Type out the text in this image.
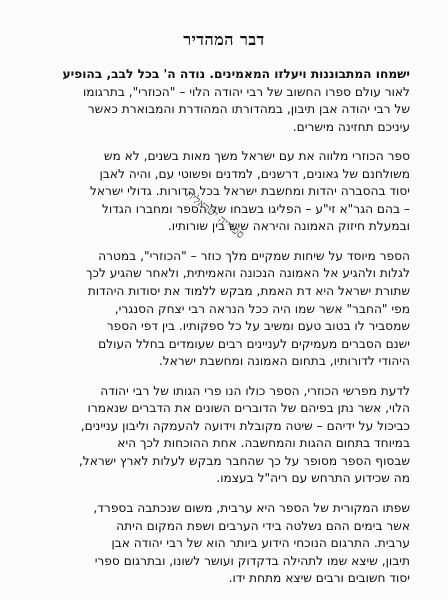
דבר המהדיר

ישמחו המתבוננות ויעלזו המאמינים. נודה ה' בכל לבב, בהופיע
לאור עולם ספרו החשוב של רבי יהודה הלוי – "הכוזרי", בתרגומו
של רבי יהודה אבן תיבון, במהדורתו המהודרת והמבוארת כאשר
עיניכם תחזינה מישרים.

ספר הכוזרי מלווה את עם ישראל משך מאות בשנים, לא מש
משולחנם של גאונים, דרשנים, למדנים ופשוטי עם, והיה לאבן
יסוד בהסברה יהדות ומחשבת ישראל בכל הדורות. גדולי ישראל
– בהם הגר"א זי"ע – הפליגו בשבחו של הספר ומחברו הגדול
ובמעלת חיזוק האמונה והיראה שיש בין שורותיו.

הספר מיוסד על שיחות שמקיים מלך כוזר – "הכוזרי", במטרה
לגלות ולהגיע אל האמונה הנכונה והאמיתית, ולאחר שהגיע לכך
שתורת ישראל היא דת האמת, מבקש ללמוד את יסודות היהדות
מפי "החבר" אשר שמו היה ככל הנראה רבי יצחק הסנגרי,
שמסביר לו בטוב טעם ומשיב על כל ספקותיו. בין דפי הספר
ישנם הסברים מעמיקים לעניינים רבים שעומדים בחלל העולם
היהודי לדורותיו, בתחום האמונה ומחשבת ישראל.

לדעת מפרשי הכוזרי, הספר כולו הנו פרי הגותו של רבי יהודה
הלוי, אשר נתן בפיהם של הדוברים השונים את הדברים שנאמרו
כביכול על ידיהם – שיטה מקובלת וידועה להעמקה וליבון עניינים,
במיוחד בתחום ההגות והמחשבה. אחת ההוכחות לכך היא
שבסוף הספר מסופר על כך שהחבר מבקש לעלות לארץ ישראל,
מה שכידוע התרחש עם ריה"ל בעצמו.

שפתו המקורית של הספר היא ערבית, משום שנכתבה בספרד,
אשר בימים ההם נשלטה בידי הערבים ושפת המקום היתה
ערבית. התרגום הנוכחי הידוע ביותר הוא של רבי יהודה אבן
תיבון, שיצא שמו לתהילה בדקדוק ועושר לשונו, ובתרגום ספרי
יסוד חשובים ורבים שיצא מתחת ידו.

ספרייה ישראלית
